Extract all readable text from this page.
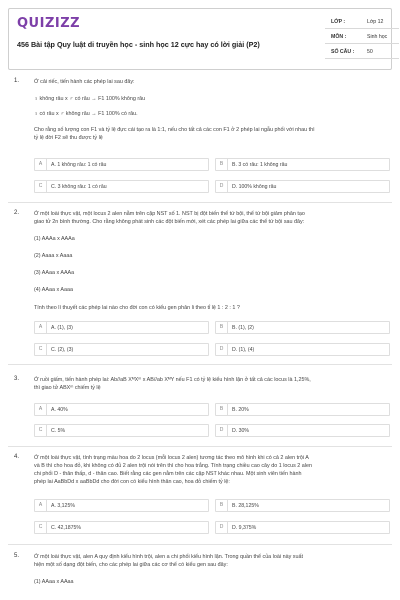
QUIZIZZ
456 Bài tập Quy luật di truyền học - sinh học 12 cực hay có lời giải (P2)
LỚP :	Lớp 12
MÔN :	Sinh học
SỐ CÂU : 50
1.	Ở cải riếc, tiến hành các phép lai sau đây:
♀ không râu x ♂ có râu → F1 100% không râu
♀ có râu x ♂ không râu → F1 100% có râu.
Cho rằng số lượng con F1 và tỷ lệ đực cái tạo ra là 1:1, nếu cho tất cả các con F1 ở 2 phép lai ngẫu phối với nhau thì
tỷ lệ đời F2 sẽ thu được tỷ lệ
A	A. 1 không râu: 1 có râu	B	B. 3 có râu: 1 không râu
C	C. 3 không râu: 1 có râu	D	D. 100% không râu
2.	Ở một loài thực vật, một locus 2 alen nằm trên cặp NST số 1. NST bị đột biến thể tứ bội, thể tứ bội giảm phân tạo
giao tử 2n bình thường. Cho rằng không phát sinh các đột biến mới, xét các phép lai giữa các thể tứ bội sau đây:
(1) AAAa x AAAa
(2) Aaaa x Aaaa
(3) AAaa x AAAa
(4) AAaa x Aaaa
Tính theo lí thuyết các phép lai nào cho đời con có kiểu gen phân li theo tỉ lệ 1 : 2 : 1 ?
A	A. (1), (3)	B	B. (1), (2)
C	C. (2), (3)	D	D. (1), (4)
3.	Ở ruồi giấm, tiến hành phép lai: Ab//aB XᴹXᵐ x AB//ab XᴹY nếu F1 có tỷ lệ kiểu hình lặn ở tất cả các locus là 1,25%,
thì giao tử ABXᵐ chiếm tỷ lệ
A	A. 40%	B	B. 20%
C	C. 5%	D	D. 30%
4.	Ở một loài thực vật, tính trạng màu hoa do 2 locus (mỗi locus 2 alen) tương tác theo mô hình khi có cả 2 alen trội A
và B thì cho hoa đỏ, khi không có đủ 2 alen trội nói trên thì cho hoa trắng. Tính trạng chiều cao cây do 1 locus 2 alen
chi phối D - thân thấp, d - thân cao. Biết rằng các gen nằm trên các cặp NST khác nhau. Một sinh viên tiến hành
phép lai AaBbDd x aaBbDd cho đời con có kiểu hình thân cao, hoa đỏ chiếm tỷ lệ:
A	A. 3,125%	B	B. 28,125%
C	C. 42,1875%	D	D. 9,375%
5.	Ở một loài thực vật, alen A quy định kiểu hình trội, alen a chi phối kiểu hình lặn. Trong quần thể của loài này xuất
hiện một số dạng đột biến, cho các phép lai giữa các cơ thể có kiểu gen sau đây:
(1) AAaa x AAaa
